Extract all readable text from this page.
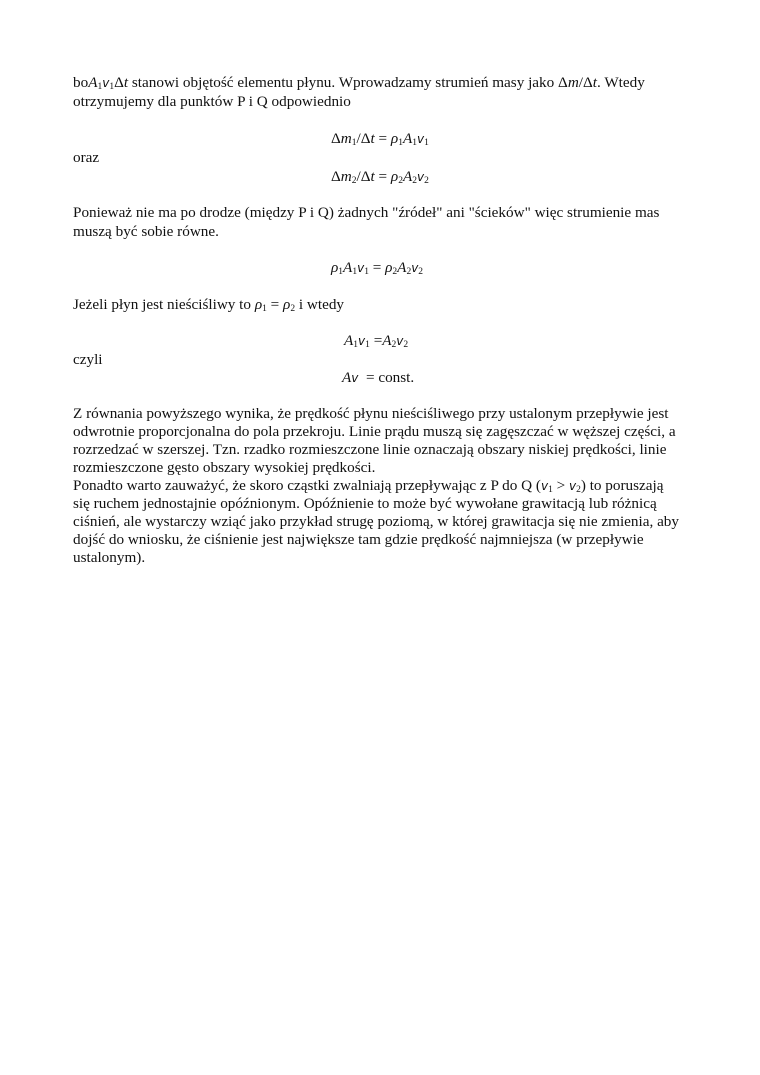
$boA_1v_1\Delta t$ stanowi objętość elementu płynu. Wprowadzamy strumień masy jako Δm/Δt. Wtedy
otrzymujemy dla punktów P i Q odpowiednio
$\Delta m_1/\Delta t = \rho_1A_1v_1$
oraz
$\Delta m_2/\Delta t = \rho_2A_2v_2$
Ponieważ nie ma po drodze (między P i Q) żadnych "źródeł" ani "ścieków" więc strumienie mas
muszą być sobie równe.
$\rho_1A_1v_1 = \rho_2A_2v_2$
Jeżeli płyn jest nieściśliwy to $\rho_1 = \rho_2$ i wtedy
$A_1v_1 =A_2v_2$
czyli
Av  = const.
Z równania powyższego wynika, że prędkość płynu nieściśliwego przy ustalonym przepływie jest
odwrotnie proporcjonalna do pola przekroju. Linie prądu muszą się zagęszczać w węższej części, a
rozrzedzać w szerszej. Tzn. rzadko rozmieszczone linie oznaczają obszary niskiej prędkości, linie
rozmieszczone gęsto obszary wysokiej prędkości.
Ponadto warto zauważyć, że skoro cząstki zwalniają przepływając z P do Q $(v_1 > v_2)$ to poruszają
się ruchem jednostajnie opóźnionym. Opóźnienie to może być wywołane grawitacją lub różnicą
ciśnień, ale wystarczy wziąć jako przykład strugę poziomą, w której grawitacja się nie zmienia, aby
dojść do wniosku, że ciśnienie jest największe tam gdzie prędkość najmniejsza (w przepływie
ustalonym).
